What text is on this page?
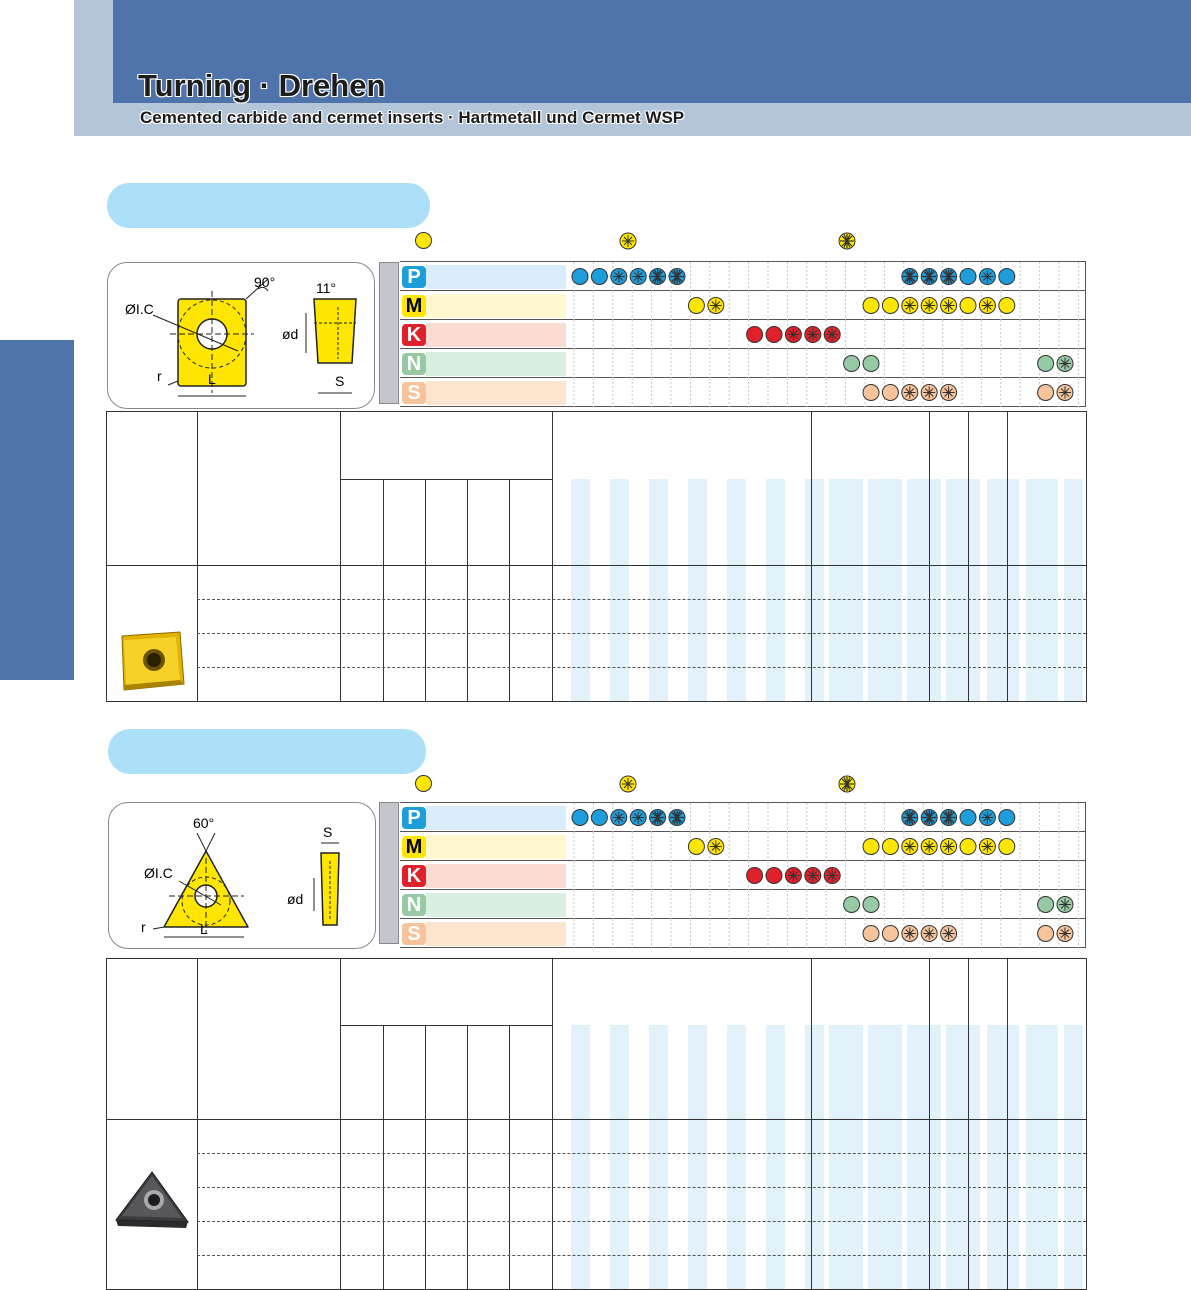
Turning · Drehen
Cemented carbide and cermet inserts · Hartmetall und Cermet WSP
90°	11°
ØI.C
ød
r	L	S
P
M
K
N
S
60°
ØI.C
ød
r	L
S
P
M
K
N
S
